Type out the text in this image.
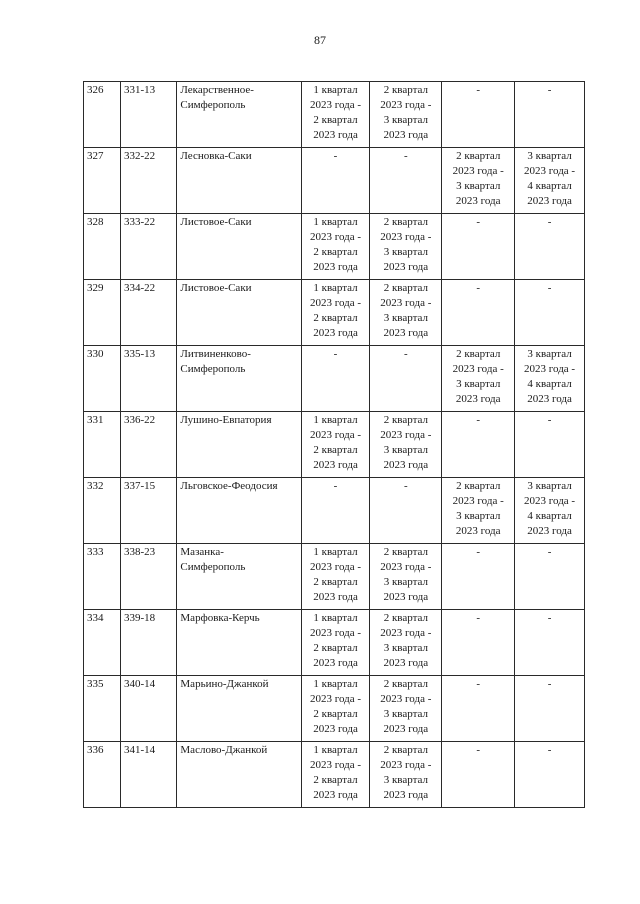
87
326	331-13	Лекарственное-
Симферополь	1 квартал
2023 года -
2 квартал
2023 года	2 квартал
2023 года -
3 квартал
2023 года	-	-

327	332-22	Лесновка-Саки	-	-	2 квартал
2023 года -
3 квартал
2023 года	3 квартал
2023 года -
4 квартал
2023 года

328	333-22	Листовое-Саки	1 квартал
2023 года -
2 квартал
2023 года	2 квартал
2023 года -
3 квартал
2023 года	-	-

329	334-22	Листовое-Саки	1 квартал
2023 года -
2 квартал
2023 года	2 квартал
2023 года -
3 квартал
2023 года	-	-

330	335-13	Литвиненково-
Симферополь	-	-	2 квартал
2023 года -
3 квартал
2023 года	3 квартал
2023 года -
4 квартал
2023 года

331	336-22	Лушино-Евпатория	1 квартал
2023 года -
2 квартал
2023 года	2 квартал
2023 года -
3 квартал
2023 года	-	-

332	337-15	Льговское-Феодосия	-	-	2 квартал
2023 года -
3 квартал
2023 года	3 квартал
2023 года -
4 квартал
2023 года

333	338-23	Мазанка-
Симферополь	1 квартал
2023 года -
2 квартал
2023 года	2 квартал
2023 года -
3 квартал
2023 года	-	-

334	339-18	Марфовка-Керчь	1 квартал
2023 года -
2 квартал
2023 года	2 квартал
2023 года -
3 квартал
2023 года	-	-

335	340-14	Марьино-Джанкой	1 квартал
2023 года -
2 квартал
2023 года	2 квартал
2023 года -
3 квартал
2023 года	-	-

336	341-14	Маслово-Джанкой	1 квартал
2023 года -
2 квартал
2023 года	2 квартал
2023 года -
3 квартал
2023 года	-	-
